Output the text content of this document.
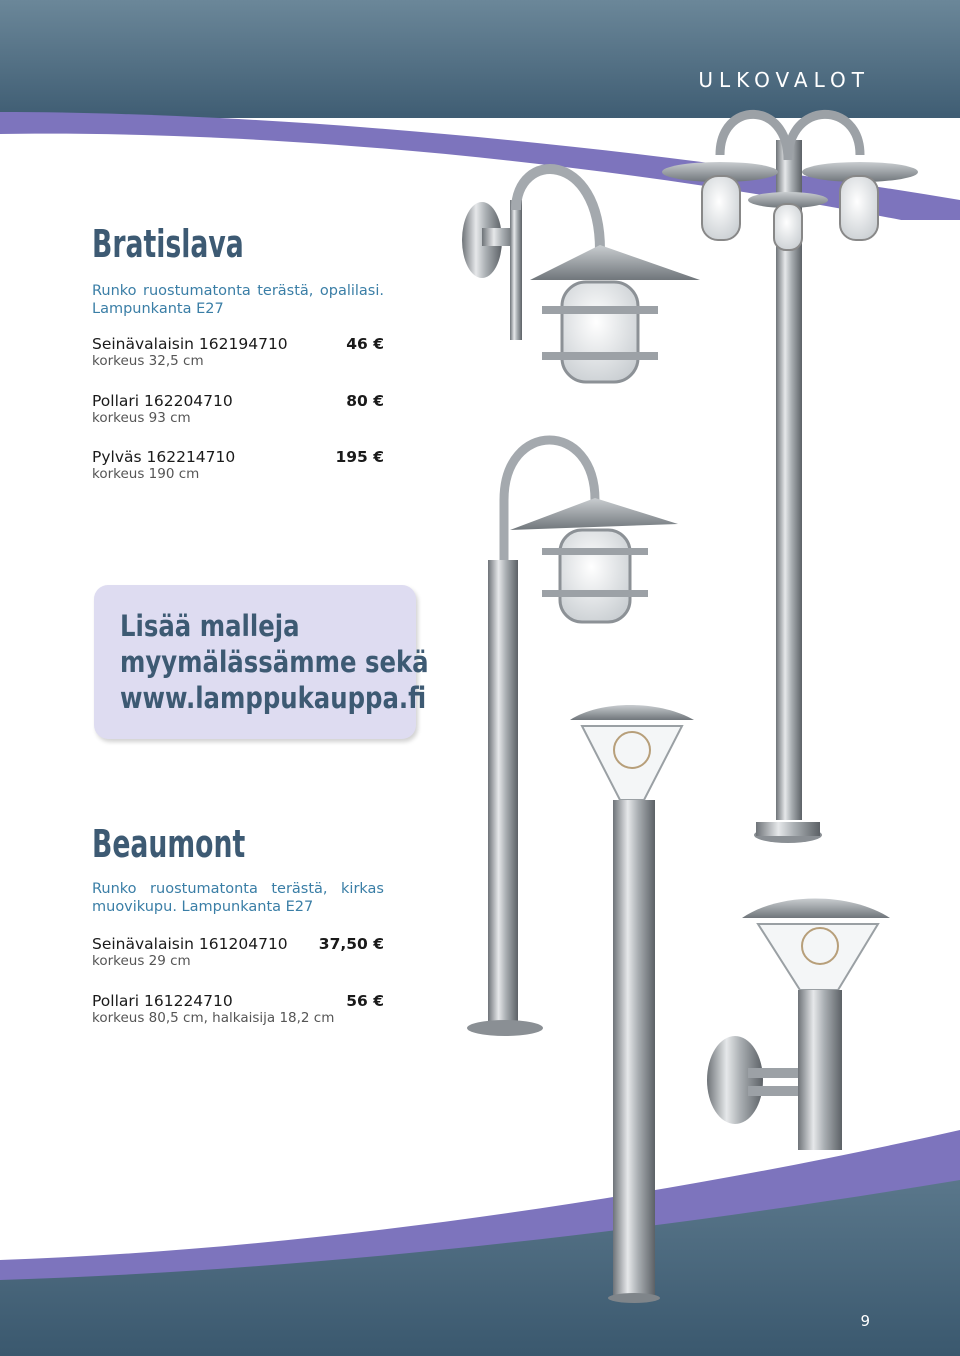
ULKOVALOT
9
Bratislava
Runko ruostumatonta terästä, opalilasi. Lampunkanta E27
Seinävalaisin 162194710	46 €
korkeus 32,5 cm
Pollari 162204710	80 €
korkeus 93 cm
Pylväs 162214710	195 €
korkeus 190 cm
Lisää malleja
myymälässämme sekä
www.lamppukauppa.fi
Beaumont
Runko ruostumatonta terästä, kirkas muovikupu. Lampunkanta E27
Seinävalaisin 161204710 37,50 €
korkeus 29 cm
Pollari 161224710	56 €
korkeus 80,5 cm, halkaisija 18,2 cm
